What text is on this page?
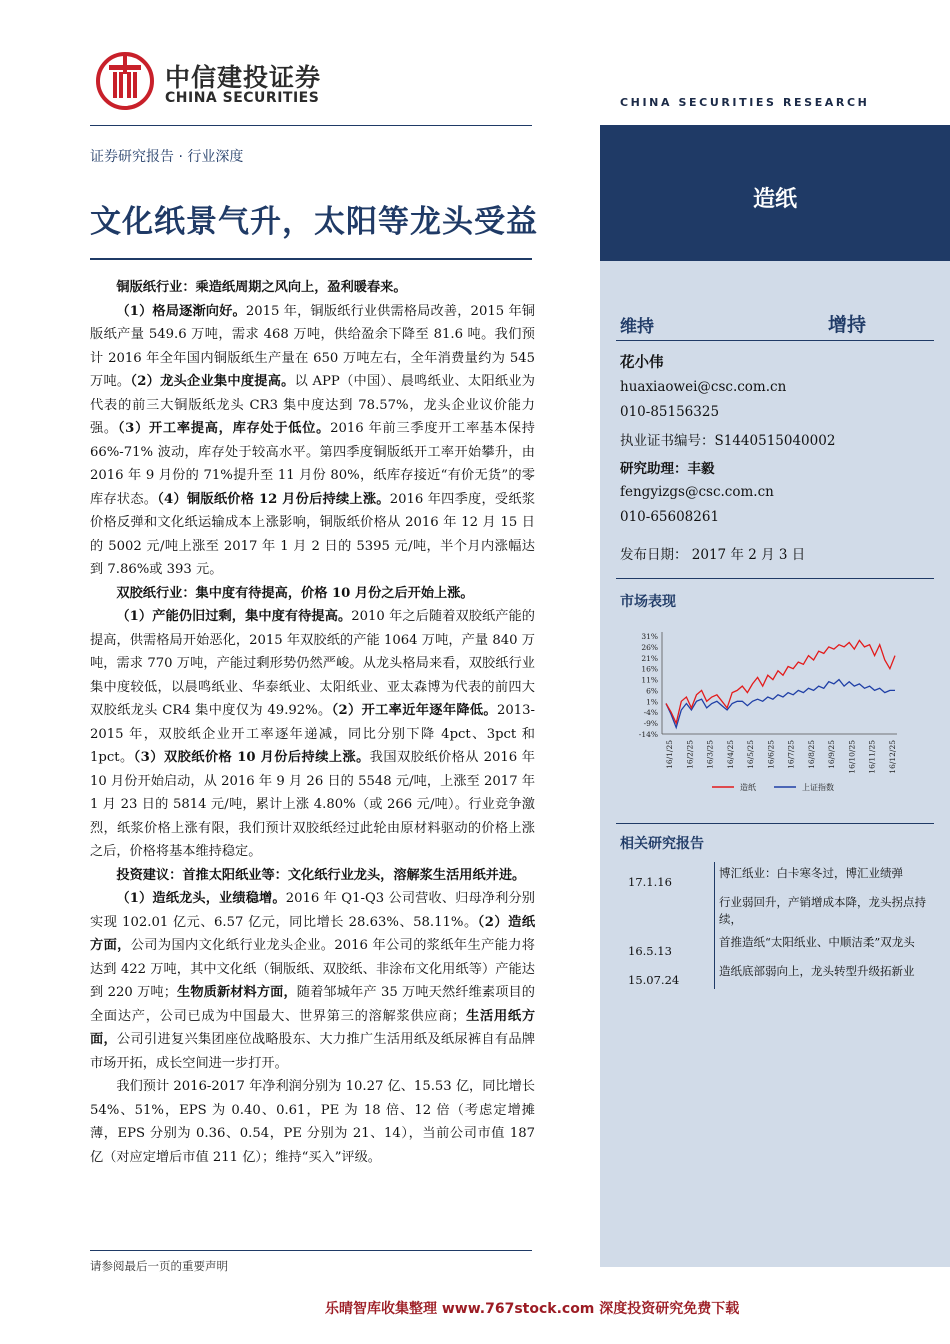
中信建投证券
CHINA SECURITIES	CHINA SECURITIES RESEARCH
证券研究报告 · 行业深度
文化纸景气升，太阳等龙头受益

铜版纸行业：乘造纸周期之风向上，盈利暖春来。

（1）格局逐渐向好。2015 年，铜版纸行业供需格局改善，2015 年铜版纸产量 549.6 万吨，需求 468 万吨，供给盈余下降至 81.6 吨。我们预计 2016 年全年国内铜版纸生产量在 650 万吨左右，全年消费量约为 545 万吨。（2）龙头企业集中度提高。以 APP（中国）、晨鸣纸业、太阳纸业为代表的前三大铜版纸龙头 CR3 集中度达到 78.57%，龙头企业议价能力强。（3）开工率提高，库存处于低位。2016 年前三季度开工率基本保持 66%-71% 波动，库存处于较高水平。第四季度铜版纸开工率开始攀升，由 2016 年 9 月份的 71%提升至 11 月份 80%，纸库存接近“有价无货”的零库存状态。（4）铜版纸价格 12 月份后持续上涨。2016 年四季度，受纸浆价格反弹和文化纸运输成本上涨影响，铜版纸价格从 2016 年 12 月 15 日的 5002 元/吨上涨至 2017 年 1 月 2 日的 5395 元/吨，半个月内涨幅达到 7.86%或 393 元。

双胶纸行业：集中度有待提高，价格 10 月份之后开始上涨。

（1）产能仍旧过剩，集中度有待提高。2010 年之后随着双胶纸产能的提高，供需格局开始恶化，2015 年双胶纸的产能 1064 万吨，产量 840 万吨，需求 770 万吨，产能过剩形势仍然严峻。从龙头格局来看，双胶纸行业集中度较低，以晨鸣纸业、华泰纸业、太阳纸业、亚太森博为代表的前四大双胶纸龙头 CR4 集中度仅为 49.92%。（2）开工率近年逐年降低。2013-2015 年，双胶纸企业开工率逐年递减，同比分别下降 4pct、3pct 和 1pct。（3）双胶纸价格 10 月份后持续上涨。我国双胶纸价格从 2016 年 10 月份开始启动，从 2016 年 9 月 26 日的 5548 元/吨，上涨至 2017 年 1 月 23 日的 5814 元/吨，累计上涨 4.80%（或 266 元/吨）。行业竞争激烈，纸浆价格上涨有限，我们预计双胶纸经过此轮由原材料驱动的价格上涨之后，价格将基本维持稳定。

投资建议：首推太阳纸业等：文化纸行业龙头，溶解浆生活用纸并进。

（1）造纸龙头，业绩稳增。2016 年 Q1-Q3 公司营收、归母净利分别实现 102.01 亿元、6.57 亿元，同比增长 28.63%、58.11%。（2）造纸方面，公司为国内文化纸行业龙头企业。2016 年公司的浆纸年生产能力将达到 422 万吨，其中文化纸（铜版纸、双胶纸、非涂布文化用纸等）产能达到 220 万吨；生物质新材料方面，随着邹城年产 35 万吨天然纤维素项目的全面达产，公司已成为中国最大、世界第三的溶解浆供应商；生活用纸方面，公司引进复兴集团座位战略股东、大力推广生活用纸及纸尿裤自有品牌市场开拓，成长空间进一步打开。

我们预计 2016-2017 年净利润分别为 10.27 亿、15.53 亿，同比增长 54%、51%，EPS 为 0.40、0.61，PE 为 18 倍、12 倍（考虑定增摊薄，EPS 分别为 0.36、0.54，PE 分别为 21、14），当前公司市值 187 亿（对应定增后市值 211 亿）；维持“买入”评级。

请参阅最后一页的重要声明
乐晴智库收集整理 www.767stock.com 深度投资研究免费下载
造纸
维持	增持
花小伟
huaxiaowei@csc.com.cn
010-85156325
执业证书编号：S1440515040002
研究助理：丰毅
fengyizgs@csc.com.cn
010-65608261
发布日期： 2017 年 2 月 3 日
市场表现
31%
26%
21%
16%
11%
6%
1%
-4%
-9%
-14%
16/1/25 16/2/25 16/3/25 16/4/25 16/5/25 16/6/25 16/7/25 16/8/25 16/9/25 16/10/25 16/11/25 16/12/25
造纸	上证指数
相关研究报告
17.1.16
博汇纸业：白卡寒冬过，博汇业绩弹
行业弱回升，产销增成本降，龙头拐点持续，
16.5.13
首推造纸“太阳纸业、中顺洁柔”双龙头
15.07.24
造纸底部弱向上，龙头转型升级拓新业
